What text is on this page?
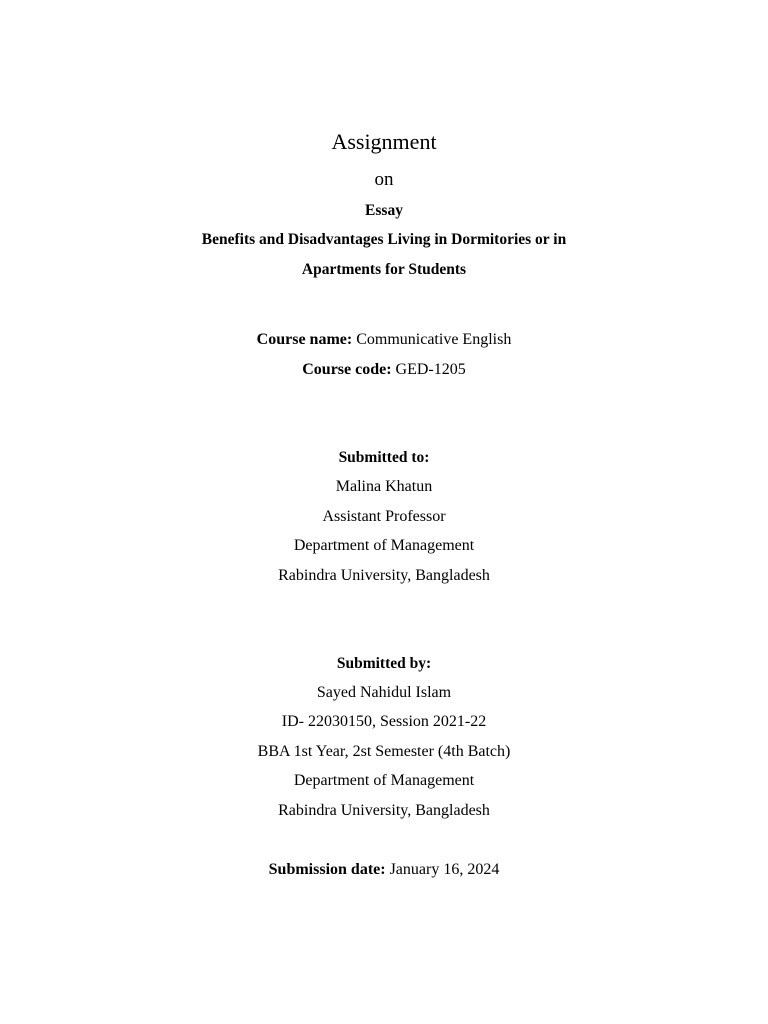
Assignment
on
Essay
Benefits and Disadvantages Living in Dormitories or in
Apartments for Students
Course name: Communicative English
Course code: GED-1205
Submitted to:
Malina Khatun
Assistant Professor
Department of Management
Rabindra University, Bangladesh
Submitted by:
Sayed Nahidul Islam
ID- 22030150, Session 2021-22
BBA 1st Year, 2st Semester (4th Batch)
Department of Management
Rabindra University, Bangladesh
Submission date: January 16, 2024
